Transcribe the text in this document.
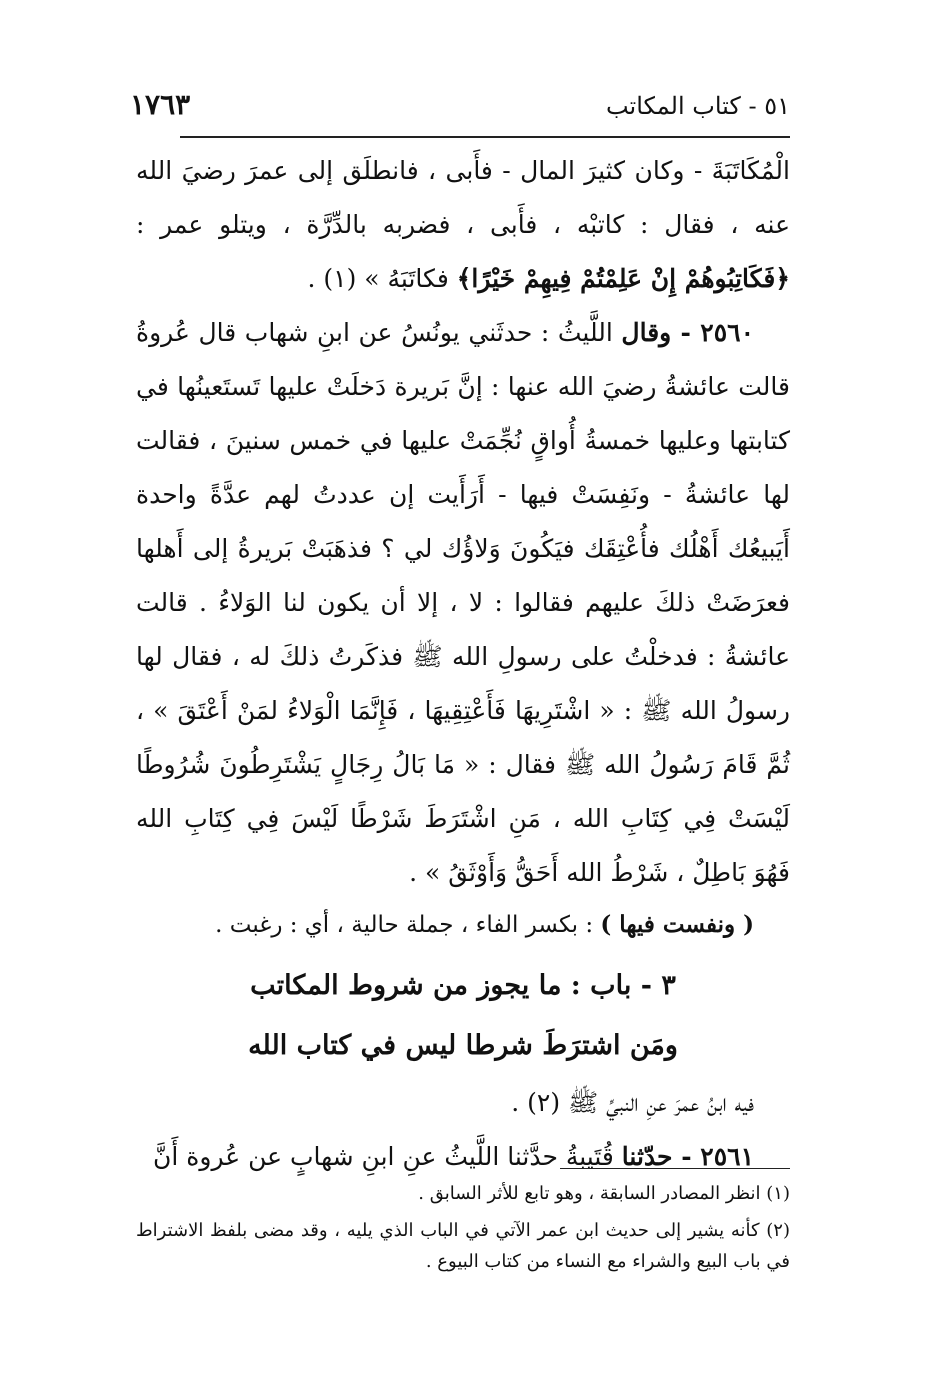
٥١ - كتاب المكاتب
١٧٦٣

الْمُكَاتَبَةَ - وكان كثيرَ المال - فأَبى ، فانطلَق إلى عمرَ رضيَ الله عنه ، فقال : كاتبْه ، فأَبى ، فضربه بالدِّرَّة ، ويتلو عمر : ﴿فَكَاتِبُوهُمْ إِنْ عَلِمْتُمْ فِيهِمْ خَيْرًا﴾ فكاتَبَهُ » (١) .

٢٥٦٠ - وقال اللَّيثُ : حدثَني يونُسُ عن ابنِ شهاب قال عُروةُ قالت عائشةُ رضيَ الله عنها : إنَّ بَريرة دَخلَتْ عليها تَستَعينُها في كتابتها وعليها خمسةُ أُواقٍ نُجِّمَتْ عليها في خمس سنينَ ، فقالت لها عائشةُ - ونَفِسَتْ فيها - أَرَأَيت إن عددتُ لهم عدَّةً واحدة أَيَبيعُك أَهْلُك فأُعْتِقَك فيَكُونَ وَلاؤُك لي ؟ فذهَبَتْ بَريرةُ إلى أَهلها فعرَضَتْ ذلكَ عليهم فقالوا : لا ، إلا أن يكون لنا الوَلاءُ . قالت عائشةُ : فدخلْتُ على رسولِ الله ﷺ فذكَرتُ ذلكَ له ، فقال لها رسولُ الله ﷺ : « اشْتَرِيهَا فَأَعْتِقِيهَا ، فَإِنَّمَا الْوَلاءُ لمَنْ أَعْتَقَ » ، ثُمَّ قَامَ رَسُولُ الله ﷺ فقال : « مَا بَالُ رِجَالٍ يَشْتَرِطُونَ شُرُوطًا لَيْسَتْ فِي كِتَابِ الله ، مَنِ اشْتَرَطَ شَرْطًا لَيْسَ فِي كِتَابِ الله فَهُوَ بَاطِلٌ ، شَرْطُ الله أَحَقُّ وَأَوْثَقُ » .

( ونفست فيها ) : بكسر الفاء ، جملة حالية ، أي : رغبت .

٣ - باب : ما يجوز من شروط المكاتب

ومَن اشترَطَ شرطا ليس في كتاب الله

فيه ابنُ عمرَ عنِ النبيِّ ﷺ (٢) .

٢٥٦١ - حدّثنا قُتَيبةُ حدَّثنا اللَّيثُ عنِ ابنِ شهابٍ عن عُروة أَنَّ

(١) انظر المصادر السابقة ، وهو تابع للأثر السابق .

(٢) كأنه يشير إلى حديث ابن عمر الآتي في الباب الذي يليه ، وقد مضى بلفظ الاشتراط في باب البيع والشراء مع النساء من كتاب البيوع .
